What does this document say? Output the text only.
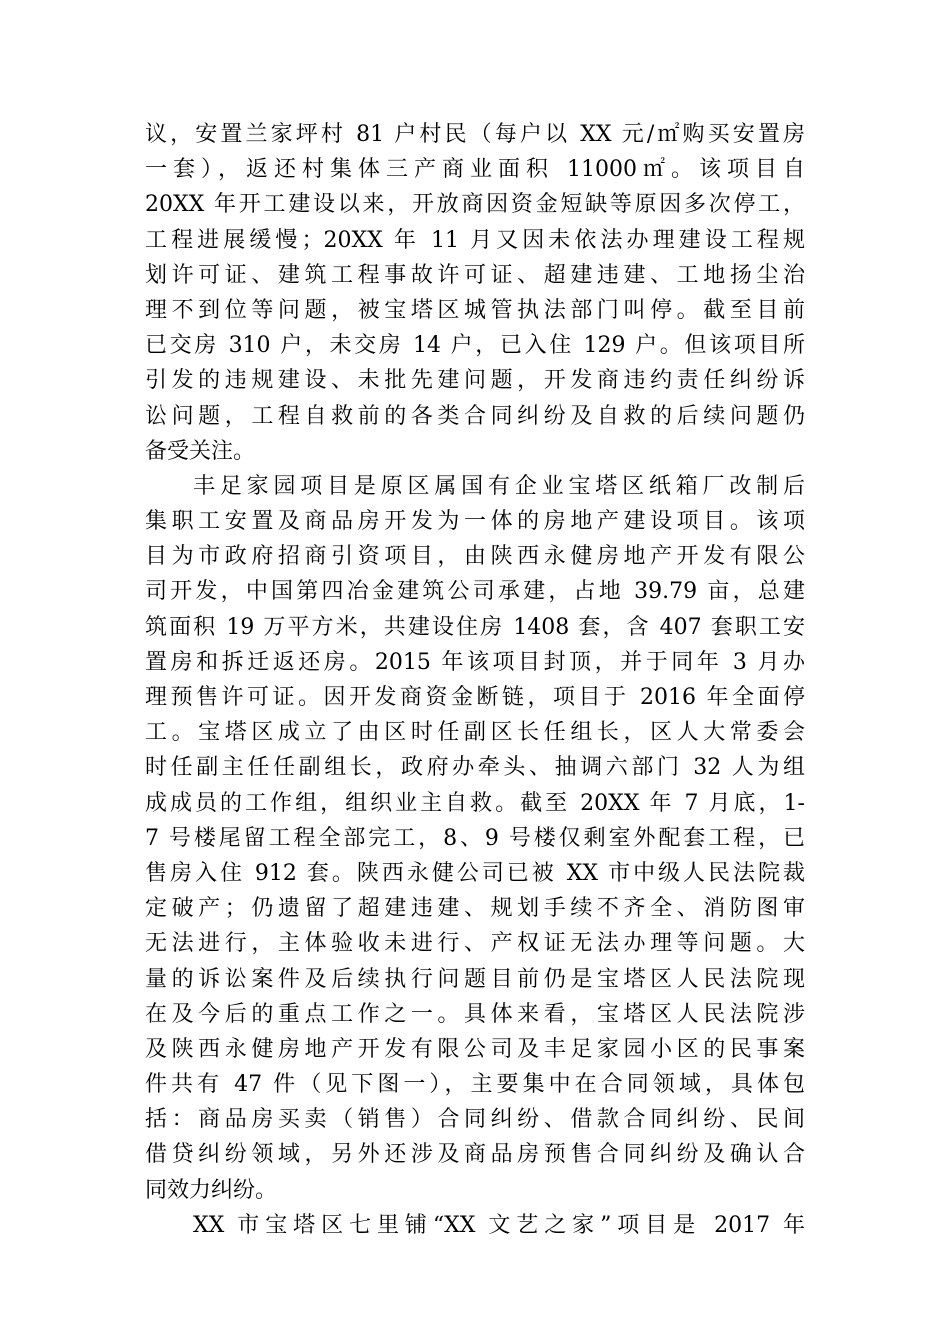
议，安置兰家坪村 81 户村民（每户以 XX 元/㎡购买安置房
一套），返还村集体三产商业面积 11000㎡。该项目自
20XX 年开工建设以来，开放商因资金短缺等原因多次停工，
工程进展缓慢；20XX 年 11 月又因未依法办理建设工程规
划许可证、建筑工程事故许可证、超建违建、工地扬尘治
理不到位等问题，被宝塔区城管执法部门叫停。截至目前
已交房 310 户，未交房 14 户，已入住 129 户。但该项目所
引发的违规建设、未批先建问题，开发商违约责任纠纷诉
讼问题，工程自救前的各类合同纠纷及自救的后续问题仍
备受关注。
丰足家园项目是原区属国有企业宝塔区纸箱厂改制后
集职工安置及商品房开发为一体的房地产建设项目。该项
目为市政府招商引资项目，由陕西永健房地产开发有限公
司开发，中国第四冶金建筑公司承建，占地 39.79 亩，总建
筑面积 19 万平方米，共建设住房 1408 套，含 407 套职工安
置房和拆迁返还房。2015 年该项目封顶，并于同年 3 月办
理预售许可证。因开发商资金断链，项目于 2016 年全面停
工。宝塔区成立了由区时任副区长任组长，区人大常委会
时任副主任任副组长，政府办牵头、抽调六部门 32 人为组
成成员的工作组，组织业主自救。截至 20XX 年 7 月底，1-
7 号楼尾留工程全部完工，8、9 号楼仅剩室外配套工程，已
售房入住 912 套。陕西永健公司已被 XX 市中级人民法院裁
定破产；仍遗留了超建违建、规划手续不齐全、消防图审
无法进行，主体验收未进行、产权证无法办理等问题。大
量的诉讼案件及后续执行问题目前仍是宝塔区人民法院现
在及今后的重点工作之一。具体来看，宝塔区人民法院涉
及陕西永健房地产开发有限公司及丰足家园小区的民事案
件共有 47 件（见下图一），主要集中在合同领域，具体包
括：商品房买卖（销售）合同纠纷、借款合同纠纷、民间
借贷纠纷领域，另外还涉及商品房预售合同纠纷及确认合
同效力纠纷。
XX 市宝塔区七里铺“XX 文艺之家”项目是 2017 年
